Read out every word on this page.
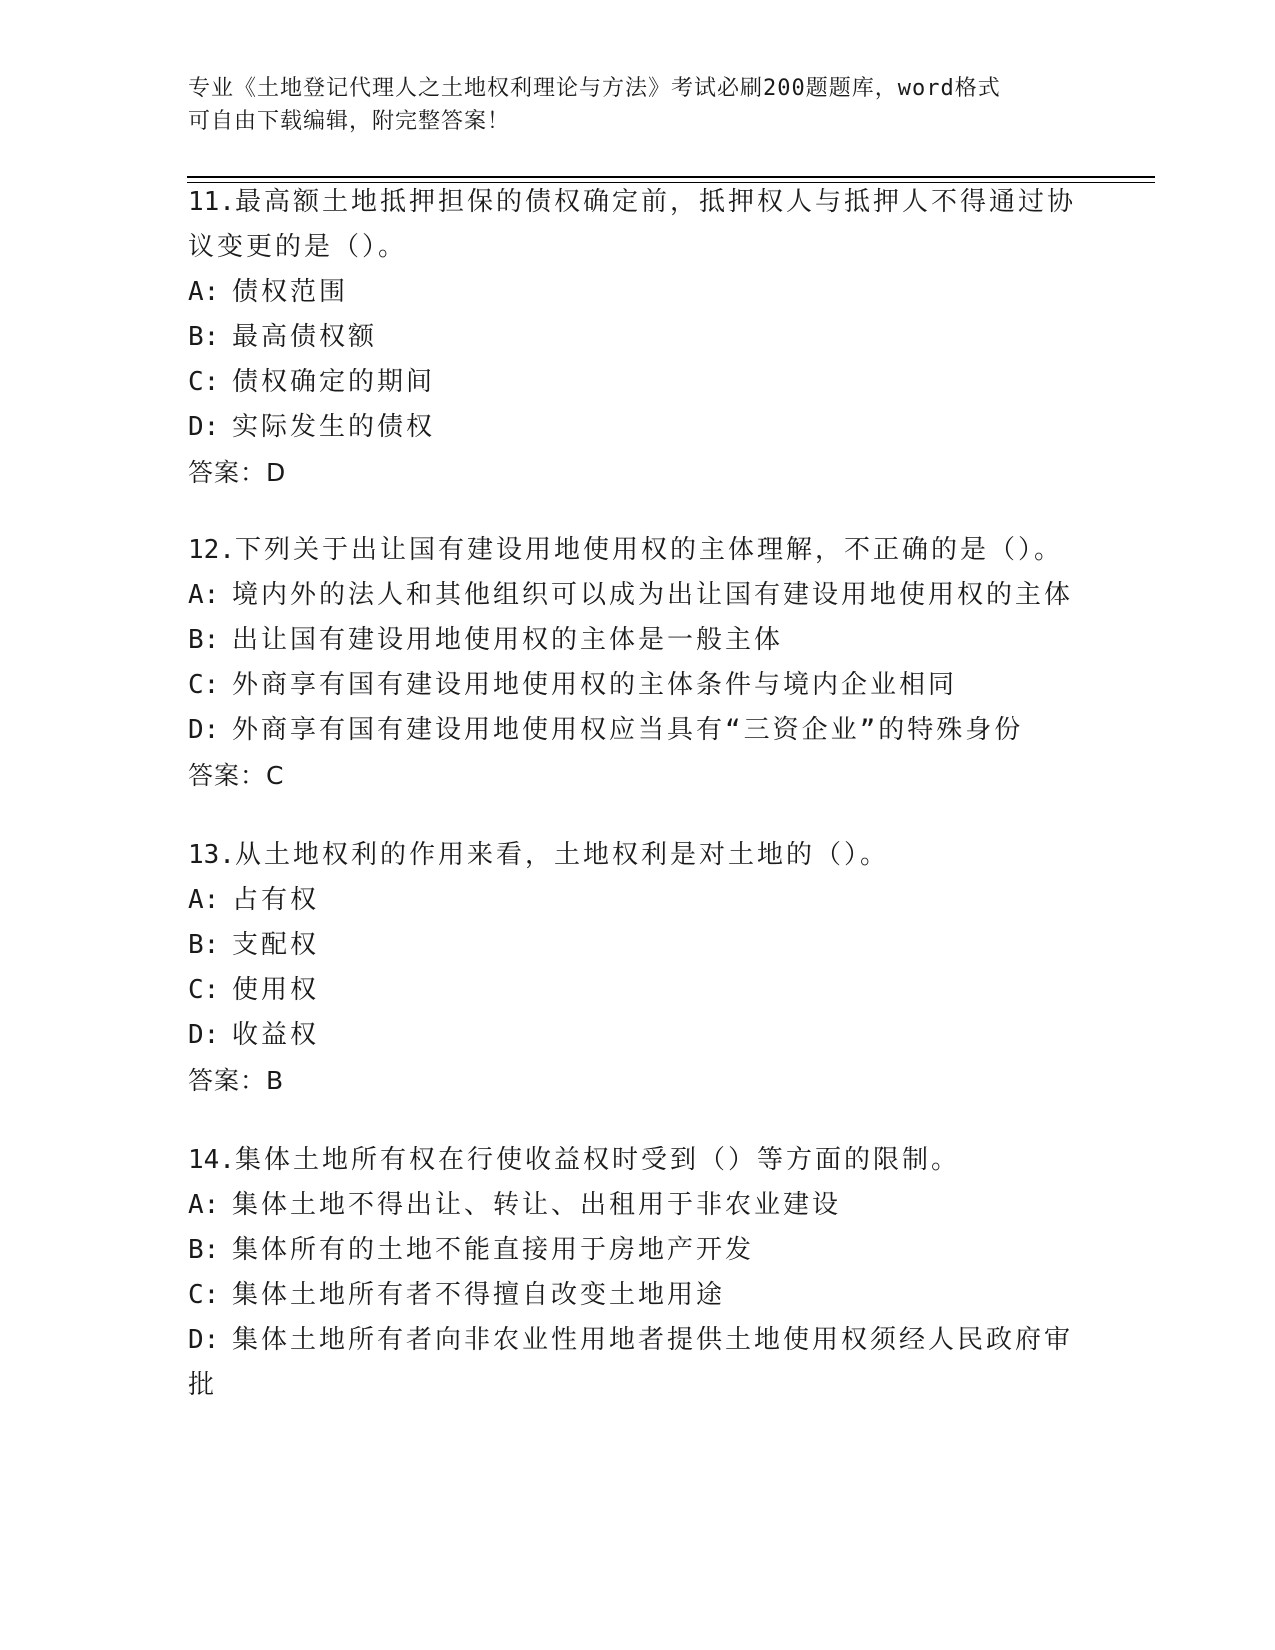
专业《土地登记代理人之土地权利理论与方法》考试必刷200题题库，word格式
可自由下载编辑，附完整答案！
11.最高额土地抵押担保的债权确定前，抵押权人与抵押人不得通过协
议变更的是（）。
A: 债权范围
B: 最高债权额
C: 债权确定的期间
D: 实际发生的债权
答案：D
12.下列关于出让国有建设用地使用权的主体理解，不正确的是（）。
A: 境内外的法人和其他组织可以成为出让国有建设用地使用权的主体
B: 出让国有建设用地使用权的主体是一般主体
C: 外商享有国有建设用地使用权的主体条件与境内企业相同
D: 外商享有国有建设用地使用权应当具有“三资企业”的特殊身份
答案：C
13.从土地权利的作用来看，土地权利是对土地的（）。
A: 占有权
B: 支配权
C: 使用权
D: 收益权
答案：B
14.集体土地所有权在行使收益权时受到（）等方面的限制。
A: 集体土地不得出让、转让、出租用于非农业建设
B: 集体所有的土地不能直接用于房地产开发
C: 集体土地所有者不得擅自改变土地用途
D: 集体土地所有者向非农业性用地者提供土地使用权须经人民政府审
批
